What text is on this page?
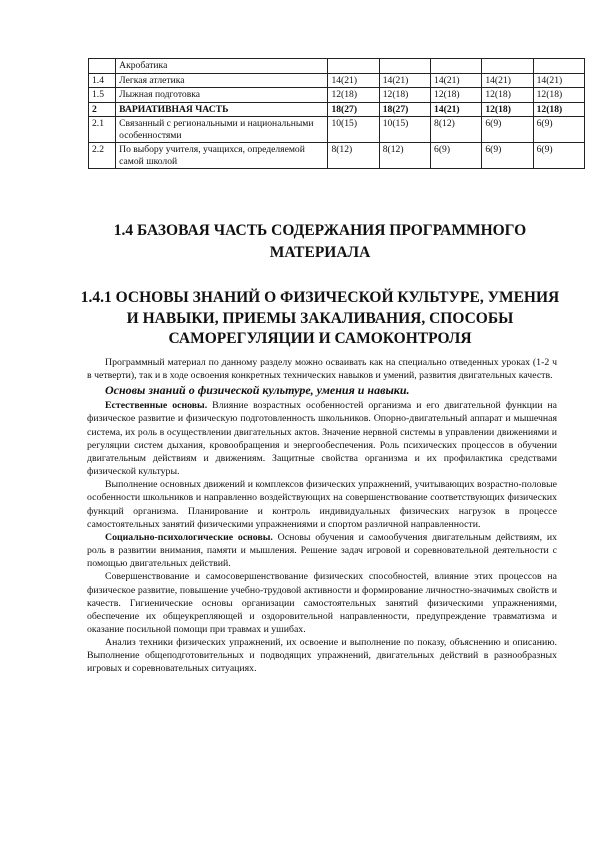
	Акробатика					
1.4	Легкая атлетика	14(21)	14(21)	14(21)	14(21)	14(21)
1.5	Лыжная подготовка	12(18)	12(18)	12(18)	12(18)	12(18)
2	ВАРИАТИВНАЯ ЧАСТЬ	18(27)	18(27)	14(21)	12(18)	12(18)
2.1	Связанный с региональными и национальными особенностями	10(15)	10(15)	8(12)	6(9)	6(9)
2.2	По выбору учителя, учащихся, определяемой самой школой	8(12)	8(12)	6(9)	6(9)	6(9)
1.4 БАЗОВАЯ ЧАСТЬ СОДЕРЖАНИЯ ПРОГРАММНОГО МАТЕРИАЛА
1.4.1 ОСНОВЫ ЗНАНИЙ О ФИЗИЧЕСКОЙ КУЛЬТУРЕ, УМЕНИЯ И НАВЫКИ, ПРИЕМЫ ЗАКАЛИВАНИЯ, СПОСОБЫ САМОРЕГУЛЯЦИИ И САМОКОНТРОЛЯ

Программный материал по данному разделу можно осваивать как на специально отведенных уроках (1-2 ч в четверти), так и в ходе освоения конкретных технических навыков и умений, развития двигательных качеств.

Основы знаний о физической культуре, умения и навыки.

Естественные основы. Влияние возрастных особенностей организма и его двигательной функции на физическое развитие и физическую подготовленность школьников. Опорно-двигательный аппарат и мышечная система, их роль в осуществлении двигательных актов. Значение нервной системы в управлении движениями и регуляции систем дыхания, кровообращения и энергообеспечения. Роль психических процессов в обучении двигательным действиям и движениям. Защитные свойства организма и их профилактика средствами физической культуры.

Выполнение основных движений и комплексов физических упражнений, учитывающих возрастно-половые особенности школьников и направленно воздействующих на совершенствование соответствующих физических функций организма. Планирование и контроль индивидуальных физических нагрузок в процессе самостоятельных занятий физическими упражнениями и спортом различной направленности.

Социально-психологические основы. Основы обучения и самообучения двигательным действиям, их роль в развитии внимания, памяти и мышления. Решение задач игровой и соревновательной деятельности с помощью двигательных действий.

Совершенствование и самосовершенствование физических способностей, влияние этих процессов на физическое развитие, повышение учебно-трудовой активности и формирование личностно-значимых свойств и качеств. Гигиенические основы организации самостоятельных занятий физическими упражнениями, обеспечение их общеукрепляющей и оздоровительной направленности, предупреждение травматизма и оказание посильной помощи при травмах и ушибах.

Анализ техники физических упражнений, их освоение и выполнение по показу, объяснению и описанию. Выполнение общеподготовительных и подводящих упражнений, двигательных действий в разнообразных игровых и соревновательных ситуациях.
